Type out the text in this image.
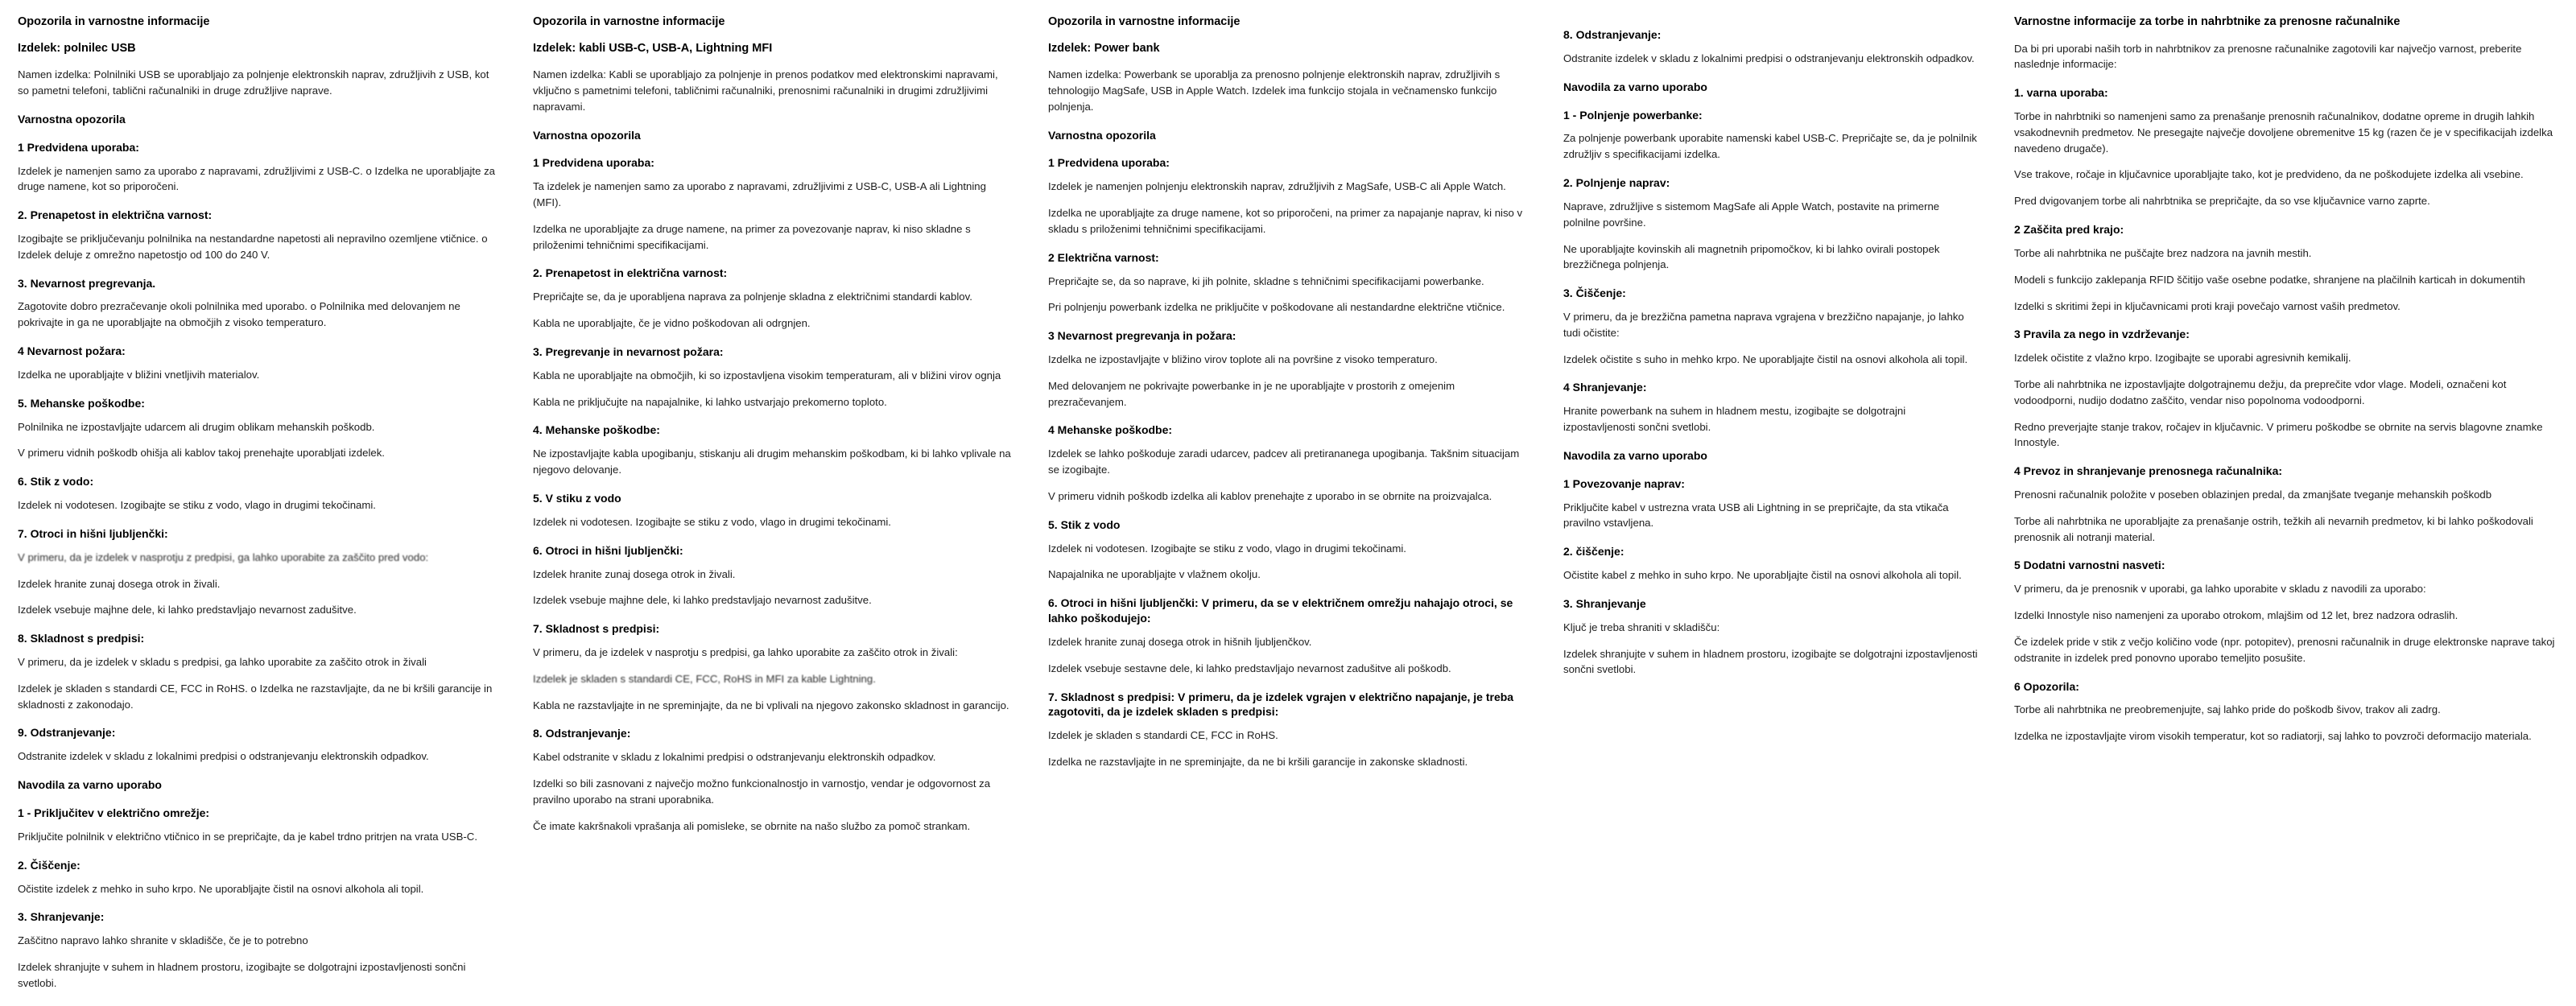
Opozorila in varnostne informacije
Izdelek: polnilec USB
Namen izdelka: Polnilniki USB se uporabljajo za polnjenje elektronskih naprav, združljivih z USB, kot so pametni telefoni, tablični računalniki in druge združljive naprave.
Varnostna opozorila
1 Predvidena uporaba:
Izdelek je namenjen samo za uporabo z napravami, združljivimi z USB-C. o Izdelka ne uporabljajte za druge namene, kot so priporočeni.
2. Prenapetost in električna varnost:
Izogibajte se priključevanju polnilnika na nestandardne napetosti ali nepravilno ozemljene vtičnice. o Izdelek deluje z omrežno napetostjo od 100 do 240 V.
3. Nevarnost pregrevanja.
Zagotovite dobro prezračevanje okoli polnilnika med uporabo. o Polnilnika med delovanjem ne pokrivajte in ga ne uporabljajte na območjih z visoko temperaturo.
4 Nevarnost požara:
Izdelka ne uporabljajte v bližini vnetljivih materialov.
5. Mehanske poškodbe:
Polnilnika ne izpostavljajte udarcem ali drugim oblikam mehanskih poškodb.
V primeru vidnih poškodb ohišja ali kablov takoj prenehajte uporabljati izdelek.
6. Stik z vodo:
Izdelek ni vodotesen. Izogibajte se stiku z vodo, vlago in drugimi tekočinami.
7. Otroci in hišni ljubljenčki:
V primeru, da je izdelek v nasprotju z predpisi, ga lahko uporabite za zaščito pred vodo:
Izdelek hranite zunaj dosega otrok in živali.
Izdelek vsebuje majhne dele, ki lahko predstavljajo nevarnost zadušitve.
8. Skladnost s predpisi:
V primeru, da je izdelek v skladu s predpisi, ga lahko uporabite za zaščito otrok in živali
Izdelek je skladen s standardi CE, FCC in RoHS. o Izdelka ne razstavljajte, da ne bi kršili garancije in skladnosti z zakonodajo.
9. Odstranjevanje:
Odstranite izdelek v skladu z lokalnimi predpisi o odstranjevanju elektronskih odpadkov.
Navodila za varno uporabo
1 - Priključitev v električno omrežje:
Priključite polnilnik v električno vtičnico in se prepričajte, da je kabel trdno pritrjen na vrata USB-C.
2. Čiščenje:
Očistite izdelek z mehko in suho krpo. Ne uporabljajte čistil na osnovi alkohola ali topil.
3. Shranjevanje:
Zaščitno napravo lahko shranite v skladišče, če je to potrebno
Izdelek shranjujte v suhem in hladnem prostoru, izogibajte se dolgotrajni izpostavljenosti sončni svetlobi.
Opozorila in varnostne informacije
Izdelek: kabli USB-C, USB-A, Lightning MFI
Namen izdelka: Kabli se uporabljajo za polnjenje in prenos podatkov med elektronskimi napravami, vključno s pametnimi telefoni, tabličnimi računalniki, prenosnimi računalniki in drugimi združljivimi napravami.
Varnostna opozorila
1 Predvidena uporaba:
Ta izdelek je namenjen samo za uporabo z napravami, združljivimi z USB-C, USB-A ali Lightning (MFI).
Izdelka ne uporabljajte za druge namene, na primer za povezovanje naprav, ki niso skladne s priloženimi tehničnimi specifikacijami.
2. Prenapetost in električna varnost:
Prepričajte se, da je uporabljena naprava za polnjenje skladna z električnimi standardi kablov.
Kabla ne uporabljajte, če je vidno poškodovan ali odrgnjen.
3. Pregrevanje in nevarnost požara:
Kabla ne uporabljajte na območjih, ki so izpostavljena visokim temperaturam, ali v bližini virov ognja
Kabla ne priključujte na napajalnike, ki lahko ustvarjajo prekomerno toploto.
4. Mehanske poškodbe:
Ne izpostavljajte kabla upogibanju, stiskanju ali drugim mehanskim poškodbam, ki bi lahko vplivale na njegovo delovanje.
5. V stiku z vodo
Izdelek ni vodotesen. Izogibajte se stiku z vodo, vlago in drugimi tekočinami.
6. Otroci in hišni ljubljenčki:
Izdelek hranite zunaj dosega otrok in živali.
Izdelek vsebuje majhne dele, ki lahko predstavljajo nevarnost zadušitve.
7. Skladnost s predpisi:
V primeru, da je izdelek v nasprotju s predpisi, ga lahko uporabite za zaščito otrok in živali:
Izdelek je skladen s standardi CE, FCC, RoHS in MFI za kable Lightning.
Kabla ne razstavljajte in ne spreminjajte, da ne bi vplivali na njegovo zakonsko skladnost in garancijo.
8. Odstranjevanje:
Kabel odstranite v skladu z lokalnimi predpisi o odstranjevanju elektronskih odpadkov.
Izdelki so bili zasnovani z največjo možno funkcionalnostjo in varnostjo, vendar je odgovornost za pravilno uporabo na strani uporabnika.
Če imate kakršnakoli vprašanja ali pomislekе, se obrnite na našo službo za pomoč strankam.
Opozorila in varnostne informacije
Izdelek: Power bank
Namen izdelka: Powerbank se uporablja za prenosno polnjenje elektronskih naprav, združljivih s tehnologijo MagSafe, USB in Apple Watch. Izdelek ima funkcijo stojala in večnamensko funkcijo polnjenja.
Varnostna opozorila
1 Predvidena uporaba:
Izdelek je namenjen polnjenju elektronskih naprav, združljivih z MagSafe, USB-C ali Apple Watch.
Izdelka ne uporabljajte za druge namene, kot so priporočeni, na primer za napajanje naprav, ki niso v skladu s priloženimi tehničnimi specifikacijami.
2 Električna varnost:
Prepričajte se, da so naprave, ki jih polnite, skladne s tehničnimi specifikacijami powerbanke.
Pri polnjenju powerbank izdelka ne priključite v poškodovane ali nestandardne električne vtičnice.
3 Nevarnost pregrevanja in požara:
Izdelka ne izpostavljajte v bližino virov toplote ali na površine z visoko temperaturo.
Med delovanjem ne pokrivajte powerbanke in je ne uporabljajte v prostorih z omejenim prezračevanjem.
4 Mehanske poškodbe:
Izdelek se lahko poškoduje zaradi udarcev, padcev ali pretirananega upogibanja. Takšnim situacijam se izogibajte.
V primeru vidnih poškodb izdelka ali kablov prenehajte z uporabo in se obrnite na proizvajalca.
5. Stik z vodo
Izdelek ni vodotesen. Izogibajte se stiku z vodo, vlago in drugimi tekočinami.
Napajalnika ne uporabljajte v vlažnem okolju.
6. Otroci in hišni ljubljenčki: V primeru, da se v električnem omrežju nahajajo otroci, se lahko poškodujejo:
Izdelek hranite zunaj dosega otrok in hišnih ljubljenčkov.
Izdelek vsebuje sestavne dele, ki lahko predstavljajo nevarnost zadušitve ali poškodb.
7. Skladnost s predpisi: V primeru, da je izdelek vgrajen v električno napajanje, je treba zagotoviti, da je izdelek skladen s predpisi:
Izdelek je skladen s standardi CE, FCC in RoHS.
Izdelka ne razstavljajte in ne spreminjajte, da ne bi kršili garancije in zakonske skladnosti.
8. Odstranjevanje:
Odstranite izdelek v skladu z lokalnimi predpisi o odstranjevanju elektronskih odpadkov.
Navodila za varno uporabo
1 - Polnjenje powerbanke:
Za polnjenje powerbank uporabite namenski kabel USB-C. Prepričajte se, da je polnilnik združljiv s specifikacijami izdelka.
2. Polnjenje naprav:
Naprave, združljive s sistemom MagSafe ali Apple Watch, postavite na primerne polnilne površine.
Ne uporabljajte kovinskih ali magnetnih pripomočkov, ki bi lahko ovirali postopek brezžičnega polnjenja.
3. Čiščenje:
V primeru, da je brezžična pametna naprava vgrajena v brezžično napajanje, jo lahko tudi očistite:
Izdelek očistite s suho in mehko krpo. Ne uporabljajte čistil na osnovi alkohola ali topil.
4 Shranjevanje:
Hranite powerbank na suhem in hladnem mestu, izogibajte se dolgotrajni izpostavljenosti sončni svetlobi.
Navodila za varno uporabo
1 Povezovanje naprav:
Priključite kabel v ustrezna vrata USB ali Lightning in se prepričajte, da sta vtikača pravilno vstavljena.
2. čiščenje:
Očistite kabel z mehko in suho krpo. Ne uporabljajte čistil na osnovi alkohola ali topil.
3. Shranjevanje
Ključ je treba shraniti v skladišču:
Izdelek shranjujte v suhem in hladnem prostoru, izogibajte se dolgotrajni izpostavljenosti sončni svetlobi.
Varnostne informacije za torbe in nahrbtnike za prenosne računalnike
Da bi pri uporabi naših torb in nahrbtnikov za prenosne računalnike zagotovili kar največjo varnost, preberite naslednje informacije:
1. varna uporaba:
Torbe in nahrbtniki so namenjeni samo za prenašanje prenosnih računalnikov, dodatne opreme in drugih lahkih vsakodnevnih predmetov. Ne presegajte največje dovoljene obremenitve 15 kg (razen če je v specifikacijah izdelka navedeno drugače).
Vse trakove, ročaje in ključavnice uporabljajte tako, kot je predvideno, da ne poškodujete izdelka ali vsebine.
Pred dvigovanjem torbe ali nahrbtnika se prepričajte, da so vse ključavnice varno zaprte.
2 Zaščita pred krajo:
Torbe ali nahrbtnika ne puščajte brez nadzora na javnih mestih.
Modeli s funkcijo zaklepanja RFID ščitijo vaše osebne podatke, shranjene na plačilnih karticah in dokumentih
Izdelki s skritimi žepi in ključavnicami proti kraji povečajo varnost vaših predmetov.
3 Pravila za nego in vzdrževanje:
Izdelek očistite z vlažno krpo. Izogibajte se uporabi agresivnih kemikalij.
Torbe ali nahrbtnika ne izpostavljajte dolgotrajnemu dežju, da preprečite vdor vlage. Modeli, označeni kot vodoodporni, nudijo dodatno zaščito, vendar niso popolnoma vodoodporni.
Redno preverjajte stanje trakov, ročajev in ključavnic. V primeru poškodbe se obrnite na servis blagovne znamke Innostyle.
4 Prevoz in shranjevanje prenosnega računalnika:
Prenosni računalnik položite v poseben oblazinjen predal, da zmanjšate tveganje mehanskih poškodb
Torbe ali nahrbtnika ne uporabljajte za prenašanje ostrih, težkih ali nevarnih predmetov, ki bi lahko poškodovali prenosnik ali notranji material.
5 Dodatni varnostni nasveti:
V primeru, da je prenosnik v uporabi, ga lahko uporabite v skladu z navodili za uporabo:
Izdelki Innostyle niso namenjeni za uporabo otrokom, mlajšim od 12 let, brez nadzora odraslih.
Če izdelek pride v stik z večjo količino vode (npr. potopitev), prenosni računalnik in druge elektronske naprave takoj odstranite in izdelek pred ponovno uporabo temeljito posušite.
6 Opozorila:
Torbe ali nahrbtnika ne preobremenjujte, saj lahko pride do poškodb šivov, trakov ali zadrg.
Izdelka ne izpostavljajte virom visokih temperatur, kot so radiatorji, saj lahko to povzroči deformacijo materiala.
